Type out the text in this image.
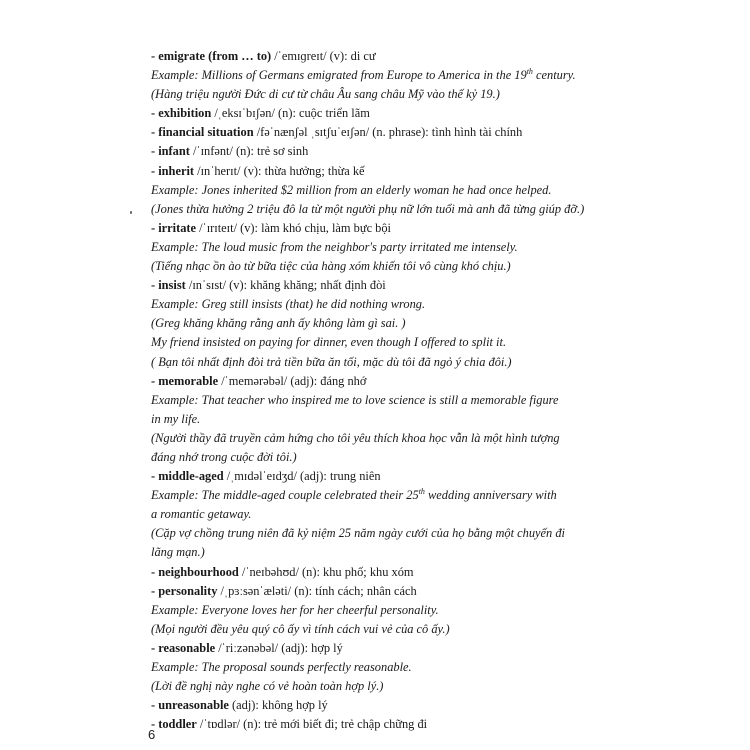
- emigrate (from … to) /ˈemɪɡreɪt/ (v): di cư
Example: Millions of Germans emigrated from Europe to America in the 19th century.
(Hàng triệu người Đức di cư từ châu Âu sang châu Mỹ vào thế kỷ 19.)
- exhibition /ˌeksɪˈbɪʃən/ (n): cuộc triển lãm
- financial situation /fəˈnænʃəl ˌsɪtʃuˈeɪʃən/ (n. phrase): tình hình tài chính
- infant /ˈɪnfənt/ (n): trẻ sơ sinh
- inherit /ɪnˈherɪt/ (v): thừa hưởng; thừa kế
Example: Jones inherited $2 million from an elderly woman he had once helped.
(Jones thừa hưởng 2 triệu đô la từ một người phụ nữ lớn tuổi mà anh đã từng giúp đỡ.)
- irritate /ˈɪrɪteɪt/ (v): làm khó chịu, làm bực bội
Example: The loud music from the neighbor's party irritated me intensely.
(Tiếng nhạc ồn ào từ bữa tiệc của hàng xóm khiến tôi vô cùng khó chịu.)
- insist /ɪnˈsɪst/ (v): khăng khăng; nhất định đòi
Example: Greg still insists (that) he did nothing wrong.
(Greg khăng khăng rằng anh ấy không làm gì sai. )
My friend insisted on paying for dinner, even though I offered to split it.
( Bạn tôi nhất định đòi trả tiền bữa ăn tối, mặc dù tôi đã ngỏ ý chia đôi.)
- memorable /ˈmemərəbəl/ (adj): đáng nhớ
Example: That teacher who inspired me to love science is still a memorable figure
in my life.
(Người thầy đã truyền cảm hứng cho tôi yêu thích khoa học vẫn là một hình tượng
đáng nhớ trong cuộc đời tôi.)
- middle-aged /ˌmɪdəlˈeɪdʒd/ (adj): trung niên
Example: The middle-aged couple celebrated their 25th wedding anniversary with
a romantic getaway.
(Cặp vợ chồng trung niên đã kỷ niệm 25 năm ngày cưới của họ bằng một chuyến đi
lãng mạn.)
- neighbourhood /ˈneɪbəhʊd/ (n): khu phố; khu xóm
- personality /ˌpɜːsənˈæləti/ (n): tính cách; nhân cách
Example: Everyone loves her for her cheerful personality.
(Mọi người đều yêu quý cô ấy vì tính cách vui vẻ của cô ấy.)
- reasonable /ˈriːzənəbəl/ (adj): hợp lý
Example: The proposal sounds perfectly reasonable.
(Lời đề nghị này nghe có vẻ hoàn toàn hợp lý.)
- unreasonable (adj): không hợp lý
- toddler /ˈtɒdlər/ (n): trẻ mới biết đi; trẻ chập chững đi
6
